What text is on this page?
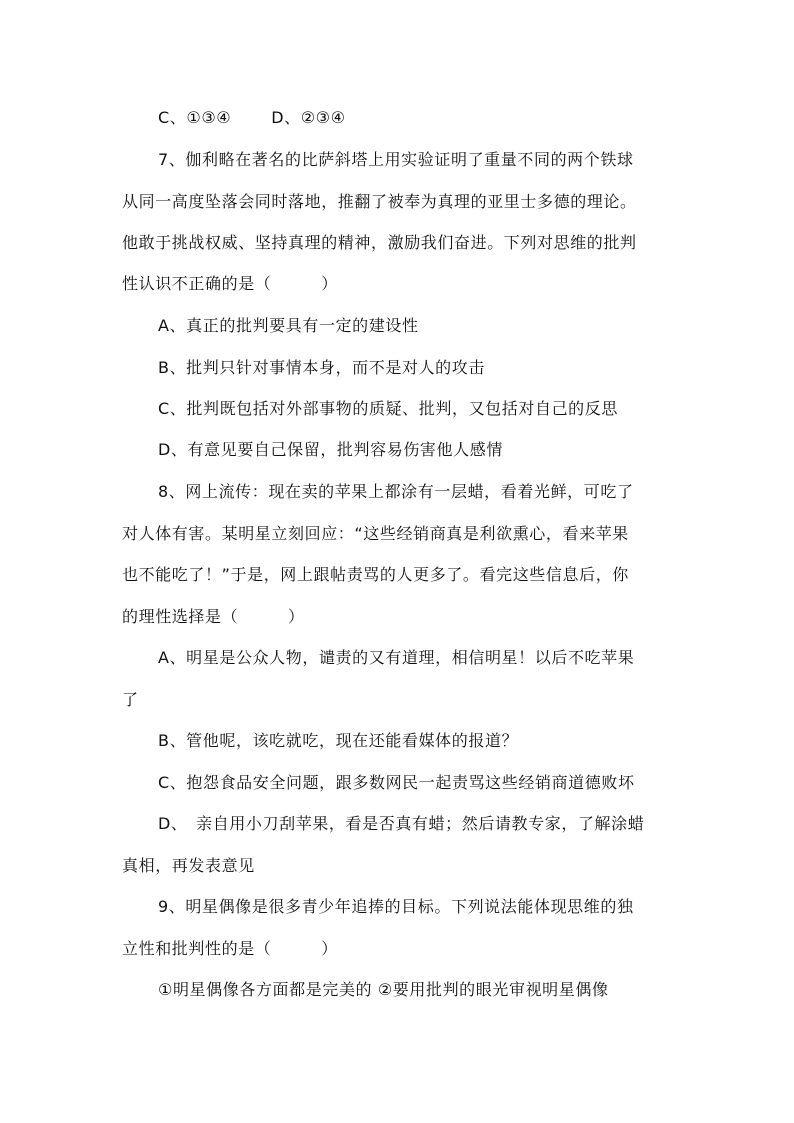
C、①③④	D、②③④
7、伽利略在著名的比萨斜塔上用实验证明了重量不同的两个铁球
从同一高度坠落会同时落地，推翻了被奉为真理的亚里士多德的理论。
他敢于挑战权威、坚持真理的精神，激励我们奋进。下列对思维的批判
性认识不正确的是（　　　）
A、真正的批判要具有一定的建设性
B、批判只针对事情本身，而不是对人的攻击
C、批判既包括对外部事物的质疑、批判，又包括对自己的反思
D、有意见要自己保留，批判容易伤害他人感情
8、网上流传：现在卖的苹果上都涂有一层蜡，看着光鲜，可吃了
对人体有害。某明星立刻回应：“这些经销商真是利欲熏心，看来苹果
也不能吃了！”于是，网上跟帖责骂的人更多了。看完这些信息后，你
的理性选择是（　　　）
A、明星是公众人物，谴责的又有道理，相信明星！以后不吃苹果
了
B、管他呢，该吃就吃，现在还能看媒体的报道？
C、抱怨食品安全问题，跟多数网民一起责骂这些经销商道德败坏
D、　亲自用小刀刮苹果，看是否真有蜡；然后请教专家，了解涂蜡
真相，再发表意见
9、明星偶像是很多青少年追捧的目标。下列说法能体现思维的独
立性和批判性的是（　　　）
①明星偶像各方面都是完美的 ②要用批判的眼光审视明星偶像
